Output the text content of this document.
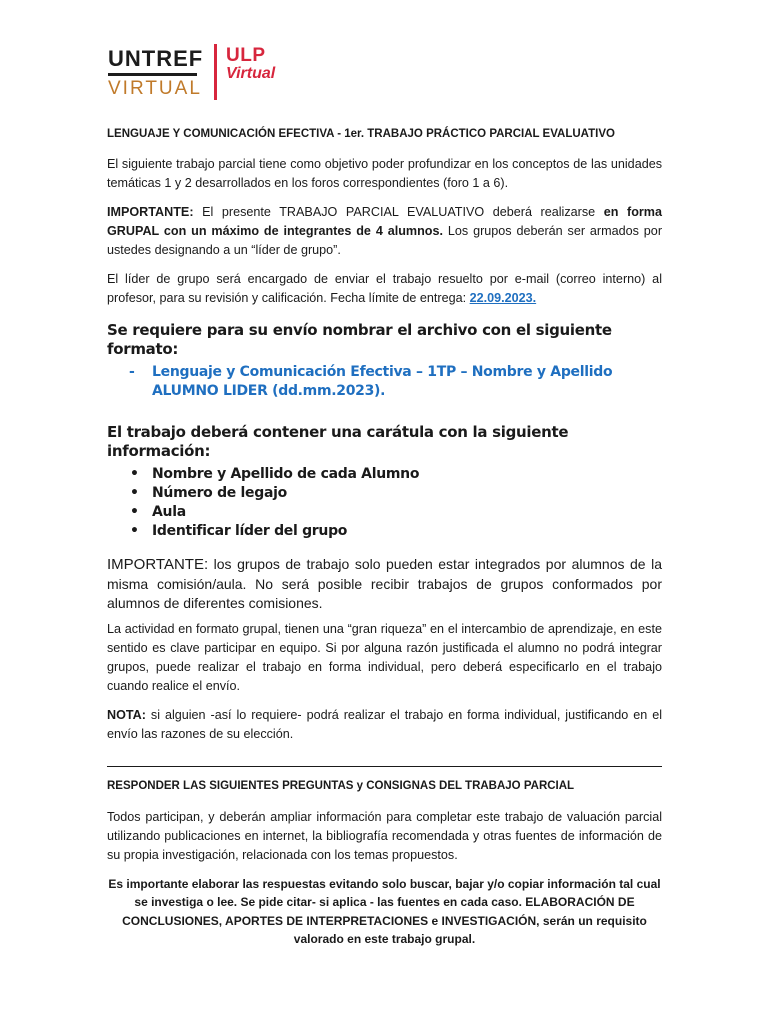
UNTREF
VIRTUAL
ULP
Virtual
LENGUAJE Y COMUNICACIÓN EFECTIVA - 1er. TRABAJO PRÁCTICO PARCIAL EVALUATIVO

El siguiente trabajo parcial tiene como objetivo poder profundizar en los conceptos de las unidades temáticas 1 y 2 desarrollados en los foros correspondientes (foro 1 a 6).

IMPORTANTE: El presente TRABAJO PARCIAL EVALUATIVO deberá realizarse en forma GRUPAL con un máximo de integrantes de 4 alumnos. Los grupos deberán ser armados por ustedes designando a un “líder de grupo”.

El líder de grupo será encargado de enviar el trabajo resuelto por e-mail (correo interno) al profesor, para su revisión y calificación. Fecha límite de entrega: 22.09.2023.

Se requiere para su envío nombrar el archivo con el siguiente formato:
-	Lenguaje y Comunicación Efectiva – 1TP – Nombre y Apellido ALUMNO LIDER (dd.mm.2023).
El trabajo deberá contener una carátula con la siguiente información:
• Nombre y Apellido de cada Alumno
• Número de legajo
• Aula
• Identificar líder del grupo

IMPORTANTE: los grupos de trabajo solo pueden estar integrados por alumnos de la misma comisión/aula. No será posible recibir trabajos de grupos conformados por alumnos de diferentes comisiones.

La actividad en formato grupal, tienen una “gran riqueza” en el intercambio de aprendizaje, en este sentido es clave participar en equipo. Si por alguna razón justificada el alumno no podrá integrar grupos, puede realizar el trabajo en forma individual, pero deberá especificarlo en el trabajo cuando realice el envío.

NOTA: si alguien -así lo requiere- podrá realizar el trabajo en forma individual, justificando en el envío las razones de su elección.

RESPONDER LAS SIGUIENTES PREGUNTAS y CONSIGNAS DEL TRABAJO PARCIAL

Todos participan, y deberán ampliar información para completar este trabajo de valuación parcial utilizando publicaciones en internet, la bibliografía recomendada y otras fuentes de información de su propia investigación, relacionada con los temas propuestos.

Es importante elaborar las respuestas evitando solo buscar, bajar y/o copiar información tal cual se investiga o lee. Se pide citar- si aplica - las fuentes en cada caso. ELABORACIÓN DE CONCLUSIONES, APORTES DE INTERPRETACIONES e INVESTIGACIÓN, serán un requisito valorado en este trabajo grupal.
